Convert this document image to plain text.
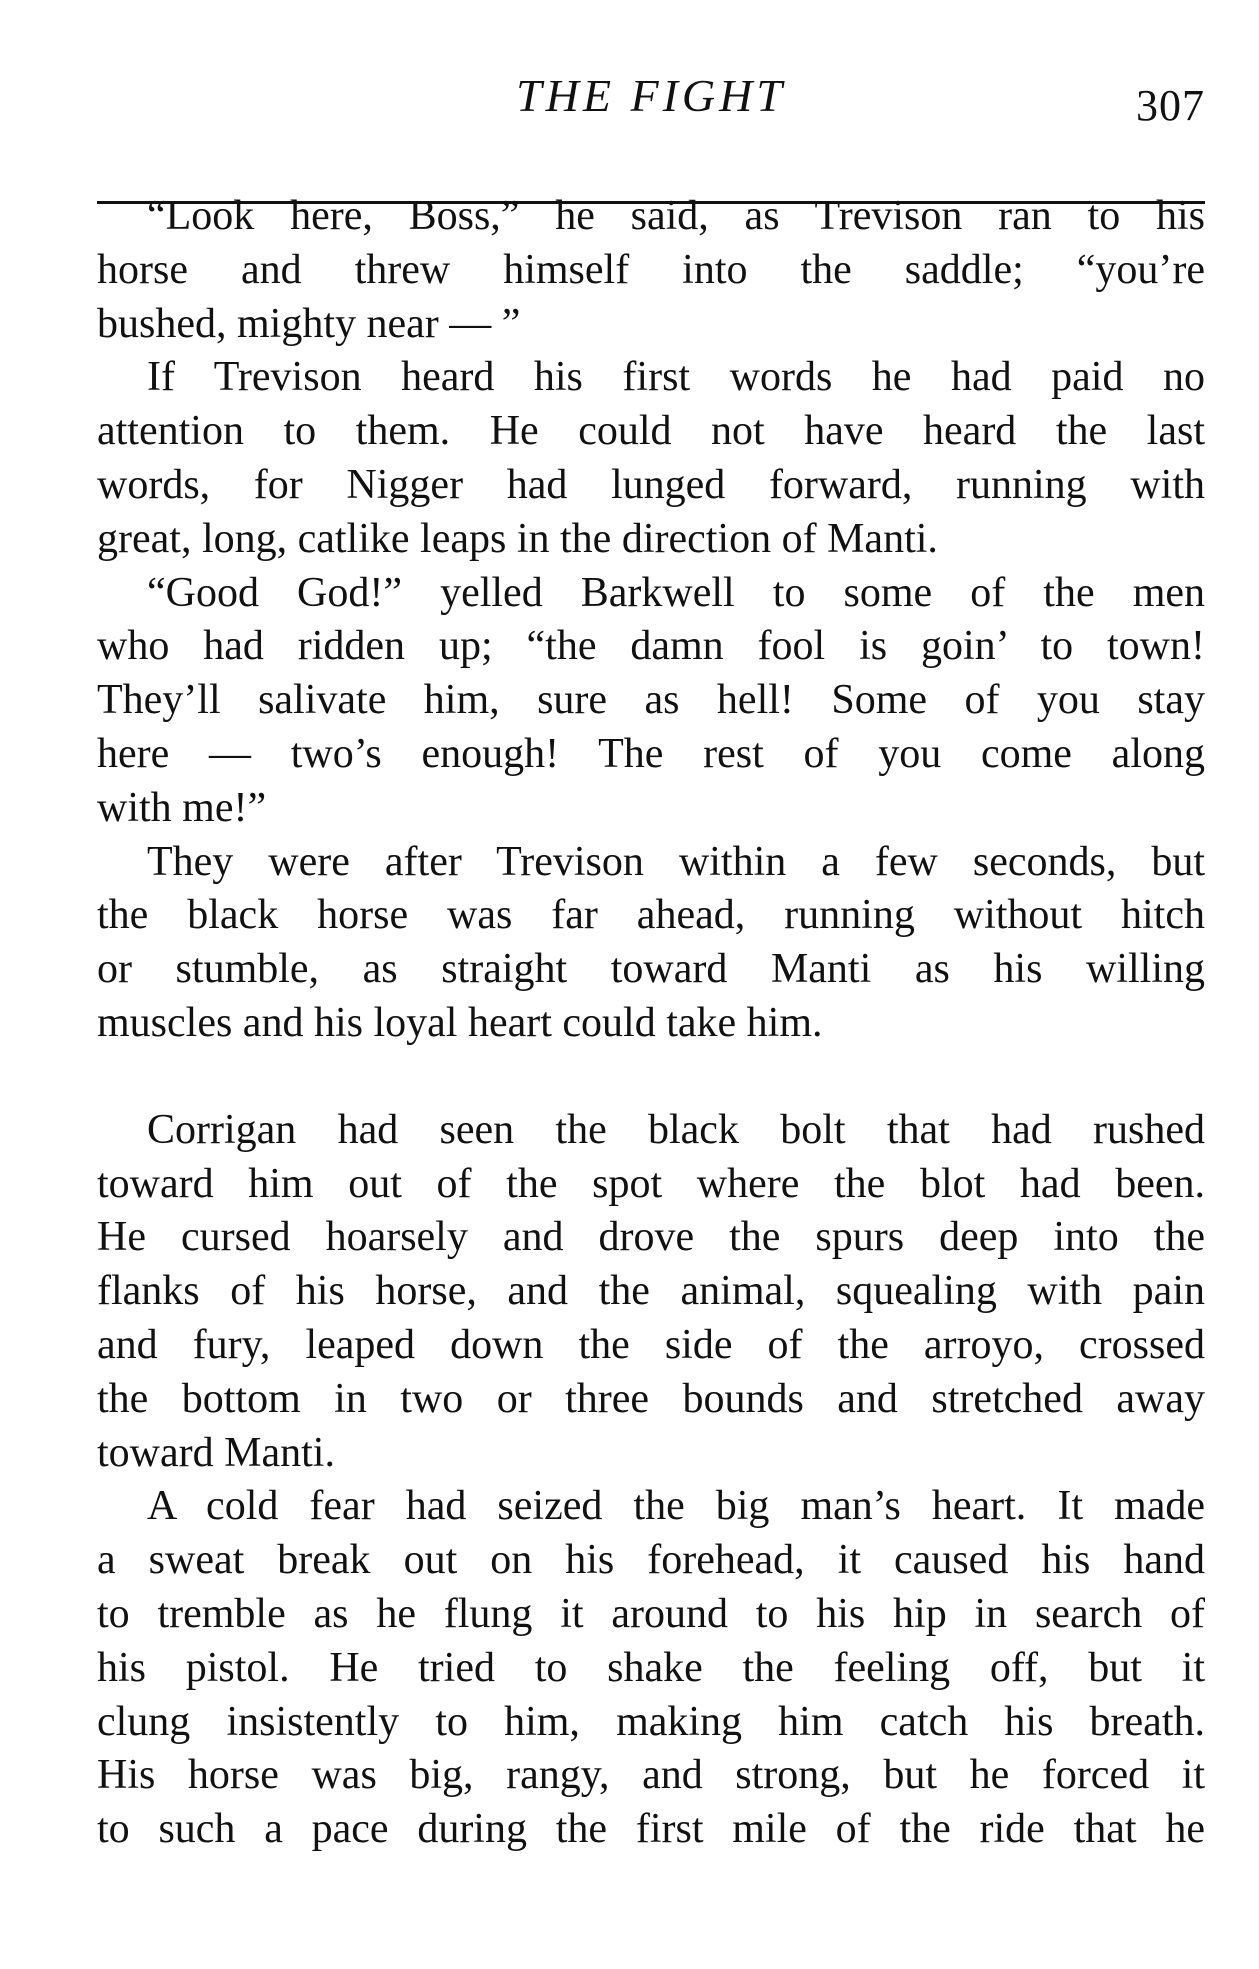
THE FIGHT	307
“Look here, Boss,” he said, as Trevison ran to his
horse and threw himself into the saddle; “you’re
bushed, mighty near — ”
If Trevison heard his first words he had paid no
attention to them. He could not have heard the last
words, for Nigger had lunged forward, running with
great, long, catlike leaps in the direction of Manti.
“Good God!” yelled Barkwell to some of the men
who had ridden up; “the damn fool is goin’ to town!
They’ll salivate him, sure as hell! Some of you stay
here — two’s enough! The rest of you come along
with me!”
They were after Trevison within a few seconds, but
the black horse was far ahead, running without hitch
or stumble, as straight toward Manti as his willing
muscles and his loyal heart could take him.
Corrigan had seen the black bolt that had rushed
toward him out of the spot where the blot had been.
He cursed hoarsely and drove the spurs deep into the
flanks of his horse, and the animal, squealing with pain
and fury, leaped down the side of the arroyo, crossed
the bottom in two or three bounds and stretched away
toward Manti.
A cold fear had seized the big man’s heart. It made
a sweat break out on his forehead, it caused his hand
to tremble as he flung it around to his hip in search of
his pistol. He tried to shake the feeling off, but it
clung insistently to him, making him catch his breath.
His horse was big, rangy, and strong, but he forced it
to such a pace during the first mile of the ride that he
